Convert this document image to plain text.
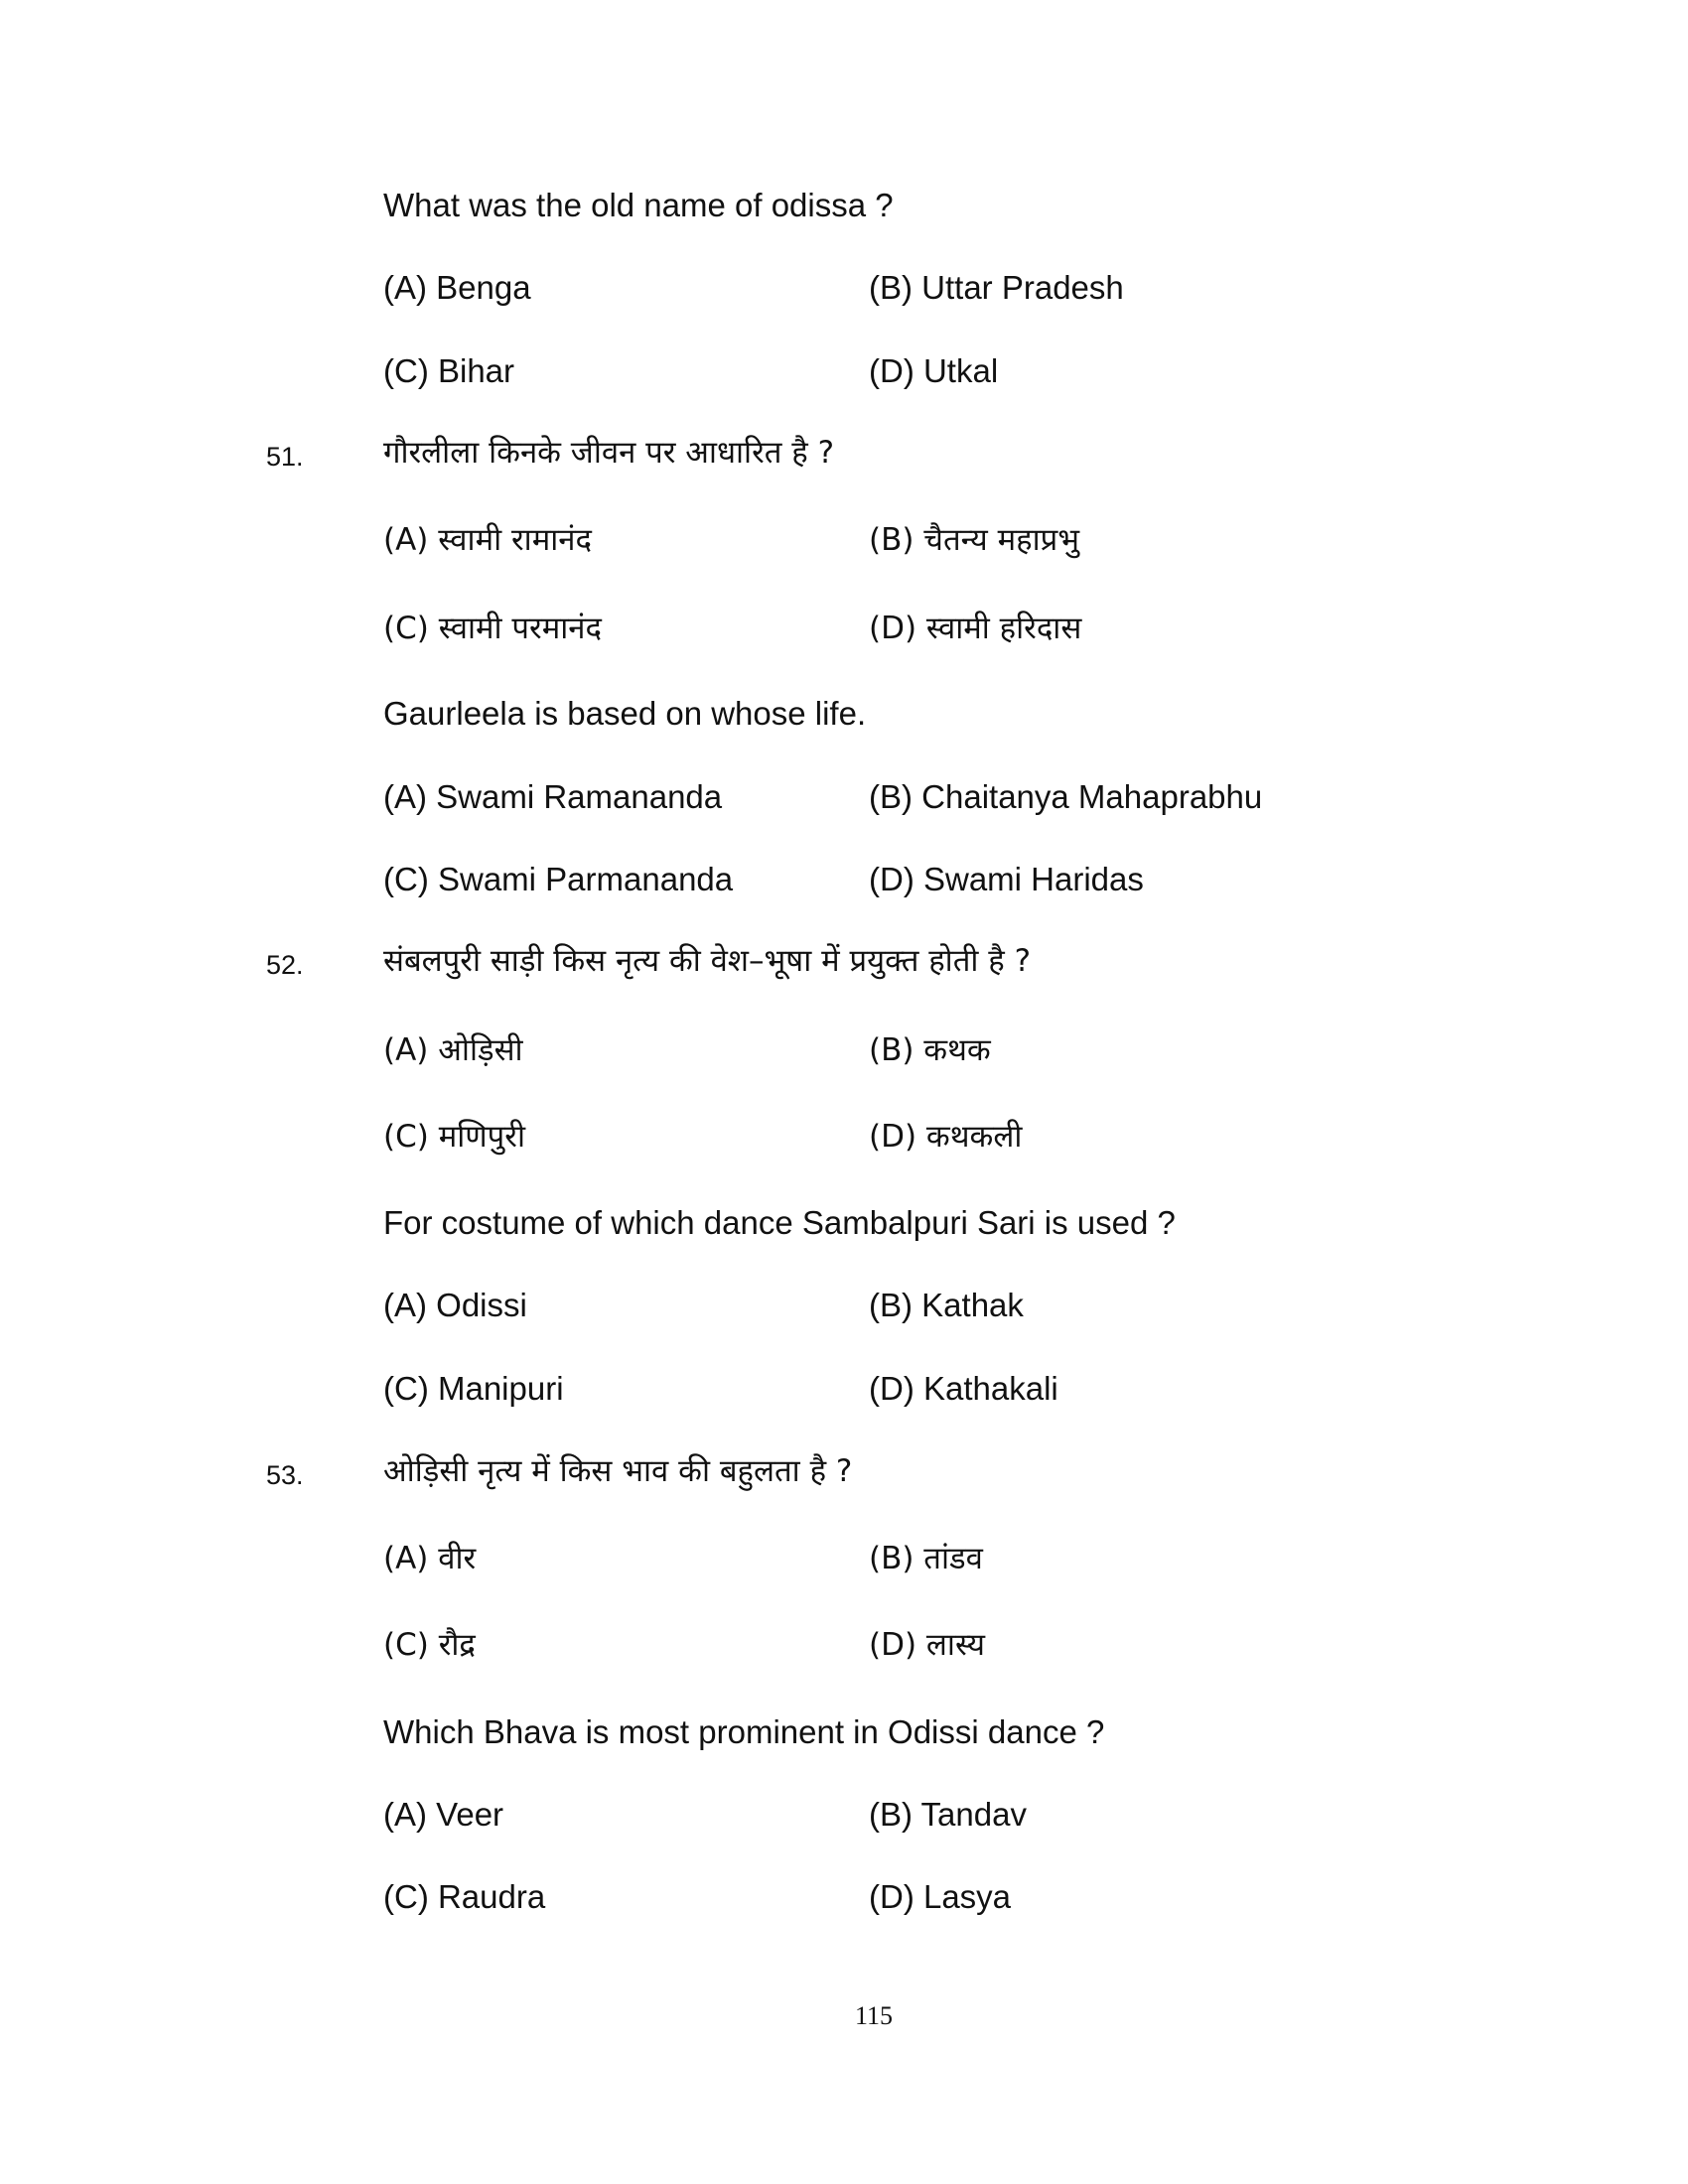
What was the old name of odissa ?
(A) Benga	(B) Uttar Pradesh
(C) Bihar	(D) Utkal
51.	गौरलीला किनके जीवन पर आधारित है ?
(A) स्वामी रामानंद	(B) चैतन्य महाप्रभु
(C) स्वामी परमानंद	(D) स्वामी हरिदास
Gaurleela is based on whose life.
(A) Swami Ramananda	(B) Chaitanya Mahaprabhu
(C) Swami Parmananda	(D) Swami Haridas
52.	संबलपुरी साड़ी किस नृत्य की वेश–भूषा में प्रयुक्त होती है ?
(A) ओड़िसी	(B) कथक
(C) मणिपुरी	(D) कथकली
For costume of which dance Sambalpuri Sari is used ?
(A) Odissi	(B) Kathak
(C) Manipuri	(D) Kathakali
53.	ओड़िसी नृत्य में किस भाव की बहुलता है ?
(A) वीर	(B) तांडव
(C) रौद्र	(D) लास्य
Which Bhava is most prominent in Odissi dance ?
(A) Veer	(B) Tandav
(C) Raudra	(D) Lasya
115
